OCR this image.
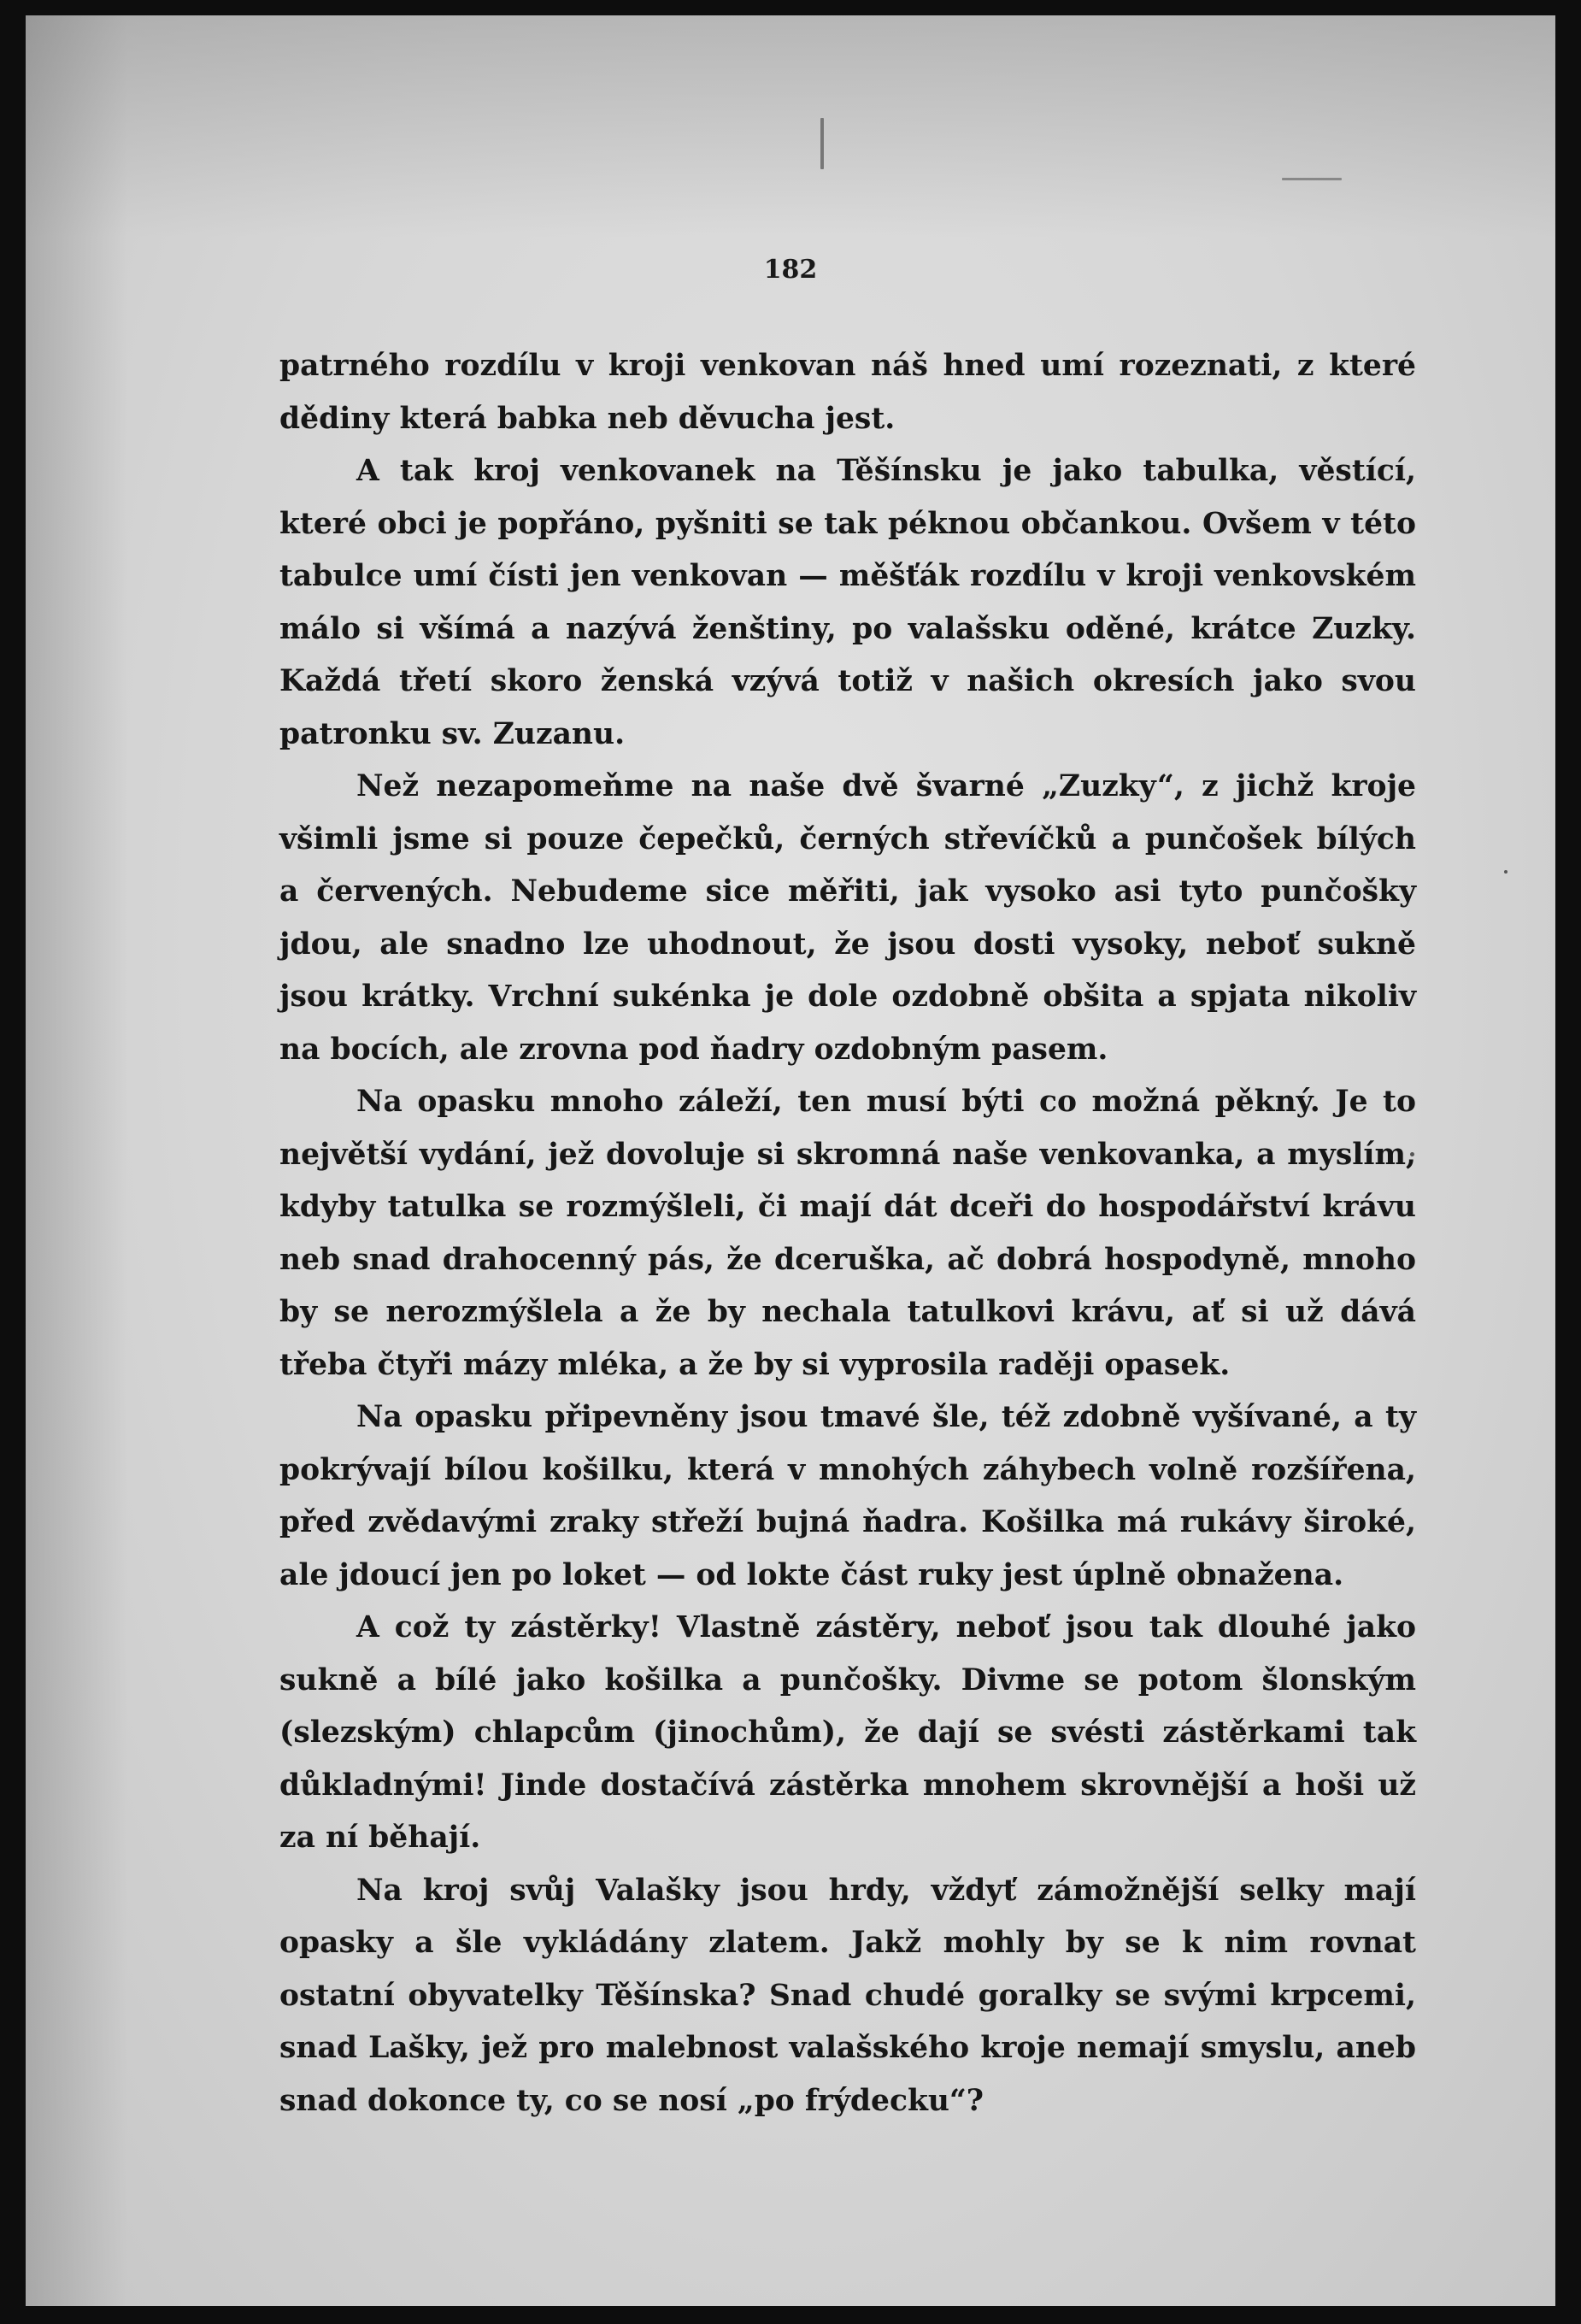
182

patrného rozdílu v kroji venkovan náš hned umí rozeznati, z které
dědiny která babka neb děvucha jest.

A tak kroj venkovanek na Těšínsku je jako tabulka, věstící,
které obci je popřáno, pyšniti se tak péknou občankou. Ovšem v této
tabulce umí čísti jen venkovan — měšťák rozdílu v kroji venkovském
málo si všímá a nazývá ženštiny, po valašsku oděné, krátce Zuzky.
Každá třetí skoro ženská vzývá totiž v našich okresích jako svou
patronku sv. Zuzanu.

Než nezapomeňme na naše dvě švarné „Zuzky“, z jichž kroje
všimli jsme si pouze čepečků, černých střevíčků a punčošek bílých
a červených. Nebudeme sice měřiti, jak vysoko asi tyto punčošky
jdou, ale snadno lze uhodnout, že jsou dosti vysoky, neboť sukně
jsou krátky. Vrchní sukénka je dole ozdobně obšita a spjata nikoliv
na bocích, ale zrovna pod ňadry ozdobným pasem.

Na opasku mnoho záleží, ten musí býti co možná pěkný. Je to
největší vydání, jež dovoluje si skromná naše venkovanka, a myslím,
kdyby tatulka se rozmýšleli, či mají dát dceři do hospodářství krávu
neb snad drahocenný pás, že dceruška, ač dobrá hospodyně, mnoho
by se nerozmýšlela a že by nechala tatulkovi krávu, ať si už dává
třeba čtyři mázy mléka, a že by si vyprosila raději opasek.

Na opasku připevněny jsou tmavé šle, též zdobně vyšívané, a ty
pokrývají bílou košilku, která v mnohých záhybech volně rozšířena,
před zvědavými zraky střeží bujná ňadra. Košilka má rukávy široké,
ale jdoucí jen po loket — od lokte část ruky jest úplně obnažena.

A což ty zástěrky! Vlastně zástěry, neboť jsou tak dlouhé jako
sukně a bílé jako košilka a punčošky. Divme se potom šlonským
(slezským) chlapcům (jinochům), že dají se svésti zástěrkami tak
důkladnými! Jinde dostačívá zástěrka mnohem skrovnější a hoši už
za ní běhají.

Na kroj svůj Valašky jsou hrdy, vždyť zámožnější selky mají
opasky a šle vykládány zlatem. Jakž mohly by se k nim rovnat
ostatní obyvatelky Těšínska? Snad chudé goralky se svými krpcemi,
snad Lašky, jež pro malebnost valašského kroje nemají smyslu, aneb
snad dokonce ty, co se nosí „po frýdecku“?
